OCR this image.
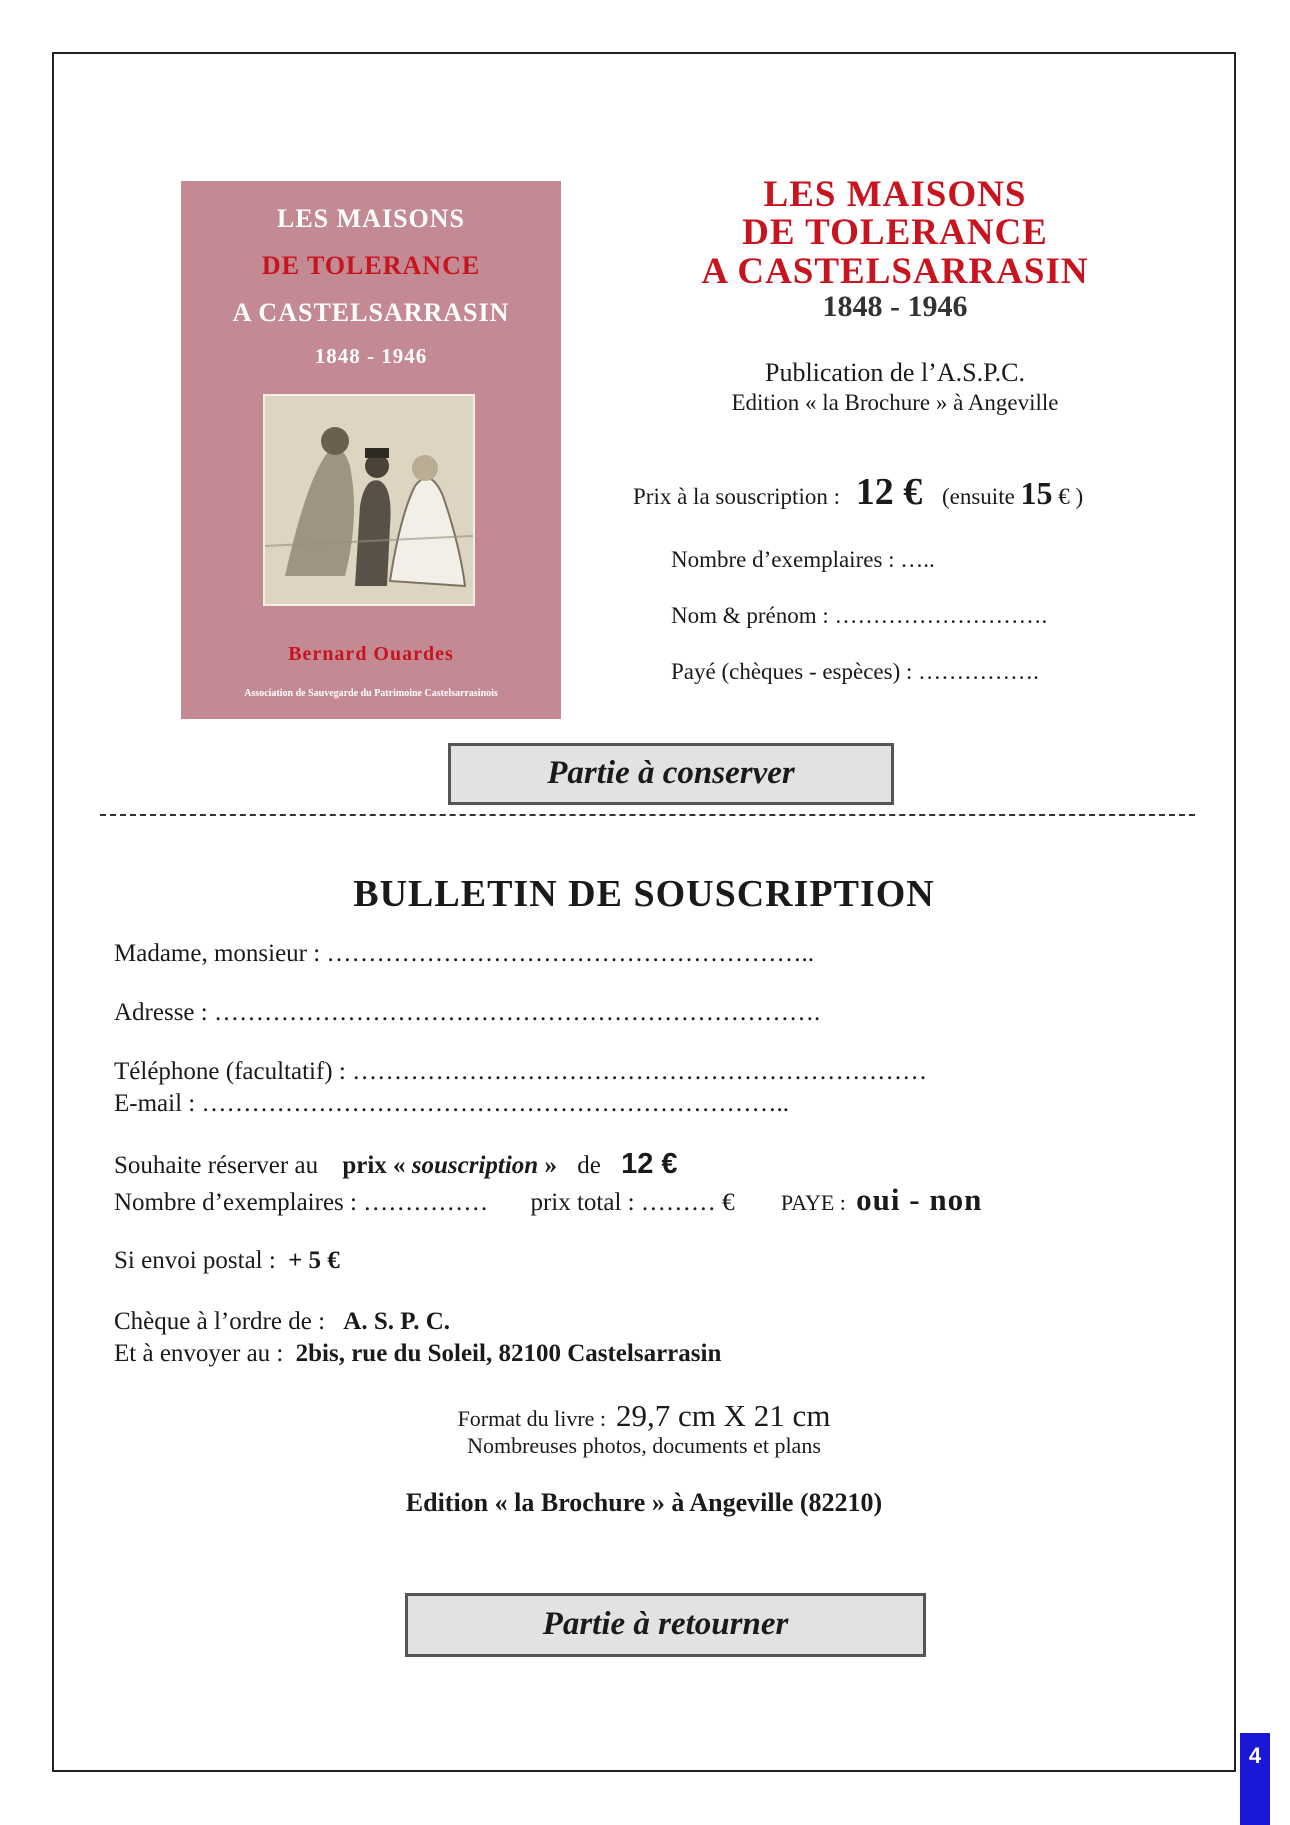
LES MAISONS
DE TOLERANCE
A CASTELSARRASIN
1848 - 1946
Bernard Ouardes
Association de Sauvegarde du Patrimoine Castelsarrasinois
LES MAISONS
DE TOLERANCE
A CASTELSARRASIN
1848 - 1946
Publication de l’A.S.P.C.
Edition « la Brochure » à Angeville
Prix à la souscription : 12 € (ensuite 15 € )
Nombre d’exemplaires : …..
Nom & prénom : ……………………….
Payé (chèques - espèces) : …………….
Partie à conserver
BULLETIN DE SOUSCRIPTION
Madame, monsieur : …………………………………………………..
Adresse : ……………………………………………………………….
Téléphone (facultatif) : ……………………………………………………………
E-mail : ……………………………………………………………..
Souhaite réserver au prix « souscription » de 12 €
Nombre d’exemplaires : …………… prix total : ……… € PAYE : oui - non
Si envoi postal : + 5 €
Chèque à l’ordre de : A. S. P. C.
Et à envoyer au : 2bis, rue du Soleil, 82100 Castelsarrasin
Format du livre : 29,7 cm X 21 cm
Nombreuses photos, documents et plans
Edition « la Brochure » à Angeville (82210)
Partie à retourner
4
